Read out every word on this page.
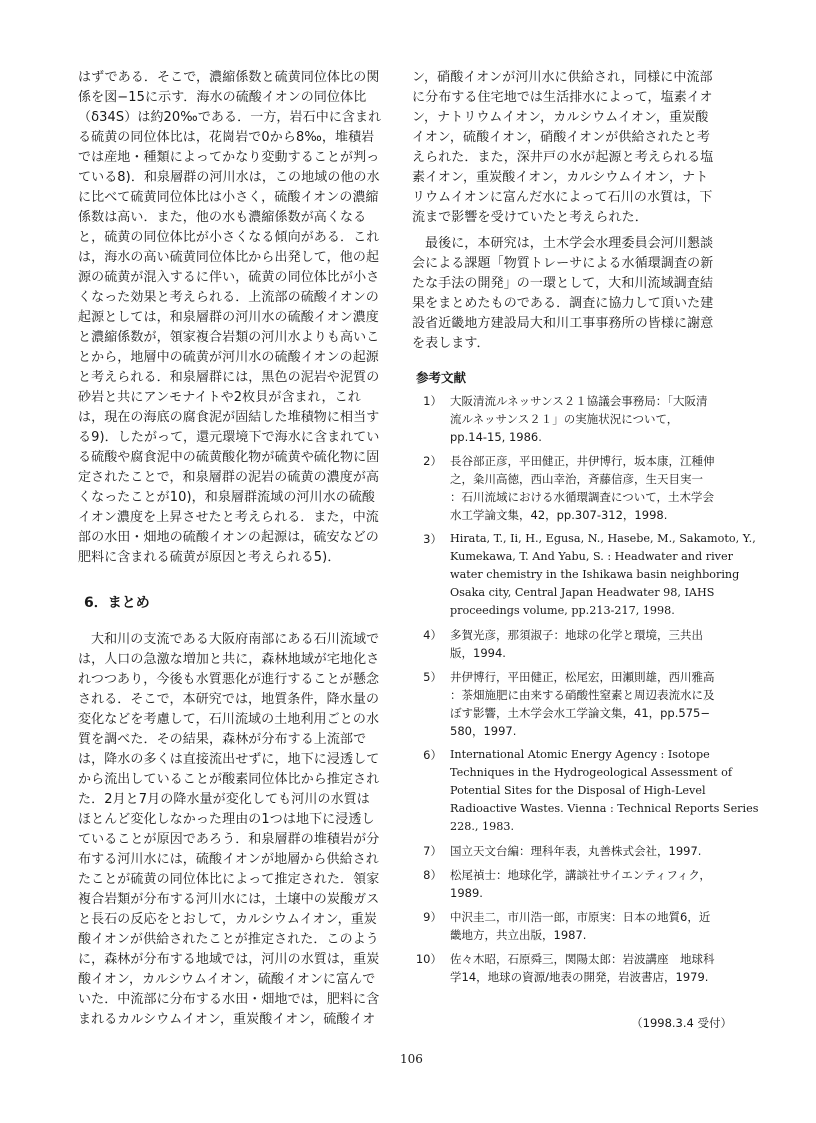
はずである．そこで，濃縮係数と硫黄同位体比の関
係を図−15に示す．海水の硫酸イオンの同位体比
（δ34S）は約20‰である．一方，岩石中に含まれ
る硫黄の同位体比は，花崗岩で0から8‰，堆積岩
では産地・種類によってかなり変動することが判っ
ている8)．和泉層群の河川水は，この地域の他の水
に比べて硫黄同位体比は小さく，硫酸イオンの濃縮
係数は高い．また，他の水も濃縮係数が高くなる
と，硫黄の同位体比が小さくなる傾向がある．これ
は，海水の高い硫黄同位体比から出発して，他の起
源の硫黄が混入するに伴い，硫黄の同位体比が小さ
くなった効果と考えられる．上流部の硫酸イオンの
起源としては，和泉層群の河川水の硫酸イオン濃度
と濃縮係数が，領家複合岩類の河川水よりも高いこ
とから，地層中の硫黄が河川水の硫酸イオンの起源
と考えられる．和泉層群には，黒色の泥岩や泥質の
砂岩と共にアンモナイトや2枚貝が含まれ，これ
は，現在の海底の腐食泥が固結した堆積物に相当す
る9)．したがって，還元環境下で海水に含まれてい
る硫酸や腐食泥中の硫黄酸化物が硫黄や硫化物に固
定されたことで，和泉層群の泥岩の硫黄の濃度が高
くなったことが10)，和泉層群流域の河川水の硫酸
イオン濃度を上昇させたと考えられる．また，中流
部の水田・畑地の硫酸イオンの起源は，硫安などの
肥料に含まれる硫黄が原因と考えられる5)．
6．まとめ
大和川の支流である大阪府南部にある石川流域で
は，人口の急激な増加と共に，森林地域が宅地化さ
れつつあり，今後も水質悪化が進行することが懸念
される．そこで，本研究では，地質条件，降水量の
変化などを考慮して，石川流域の土地利用ごとの水
質を調べた．その結果，森林が分布する上流部で
は，降水の多くは直接流出せずに，地下に浸透して
から流出していることが酸素同位体比から推定され
た．2月と7月の降水量が変化しても河川の水質は
ほとんど変化しなかった理由の1つは地下に浸透し
ていることが原因であろう．和泉層群の堆積岩が分
布する河川水には，硫酸イオンが地層から供給され
たことが硫黄の同位体比によって推定された．領家
複合岩類が分布する河川水には，土壌中の炭酸ガス
と長石の反応をとおして，カルシウムイオン，重炭
酸イオンが供給されたことが推定された．このよう
に，森林が分布する地域では，河川の水質は，重炭
酸イオン，カルシウムイオン，硫酸イオンに富んで
いた．中流部に分布する水田・畑地では，肥料に含
まれるカルシウムイオン，重炭酸イオン，硫酸イオ
ン，硝酸イオンが河川水に供給され，同様に中流部
に分布する住宅地では生活排水によって，塩素イオ
ン，ナトリウムイオン，カルシウムイオン，重炭酸
イオン，硫酸イオン，硝酸イオンが供給されたと考
えられた．また，深井戸の水が起源と考えられる塩
素イオン，重炭酸イオン，カルシウムイオン，ナト
リウムイオンに富んだ水によって石川の水質は，下
流まで影響を受けていたと考えられた．
最後に，本研究は，土木学会水理委員会河川懇談
会による課題「物質トレーサによる水循環調査の新
たな手法の開発」の一環として，大和川流域調査結
果をまとめたものである．調査に協力して頂いた建
設省近畿地方建設局大和川工事事務所の皆様に謝意
を表します．
参考文献
1） 大阪清流ルネッサンス２１協議会事務局：「大阪清
流ルネッサンス２１」の実施状況について，
pp.14-15, 1986.
2） 長谷部正彦，平田健正，井伊博行，坂本康，江種伸
之，粂川高徳，西山幸治，斉藤信彦，生天目実一
：石川流域における水循環調査について，土木学会
水工学論文集，42，pp.307-312，1998.
3） Hirata, T., Ii, H., Egusa, N., Hasebe, M., Sakamoto, Y.,
Kumekawa, T. And Yabu, S. : Headwater and river
water chemistry in the Ishikawa basin neighboring
Osaka city, Central Japan Headwater 98, IAHS
proceedings volume, pp.213-217, 1998.
4） 多賀光彦，那須淑子：地球の化学と環境，三共出
版，1994.
5） 井伊博行，平田健正，松尾宏，田瀬則雄，西川雅高
：茶畑施肥に由来する硝酸性窒素と周辺表流水に及
ぼす影響，土木学会水工学論文集，41，pp.575−
580，1997.
6） International Atomic Energy Agency : Isotope
Techniques in the Hydrogeological Assessment of
Potential Sites for the Disposal of High-Level
Radioactive Wastes. Vienna : Technical Reports Series
228., 1983.
7） 国立天文台編：理科年表，丸善株式会社，1997.
8） 松尾禎士：地球化学，講談社サイエンティフィク，
1989.
9） 中沢圭二，市川浩一郎，市原実：日本の地質6，近
畿地方，共立出版，1987.
10） 佐々木昭，石原舜三，関陽太郎：岩波講座　地球科
学14，地球の資源/地表の開発，岩波書店，1979.
（1998.3.4 受付）
106
